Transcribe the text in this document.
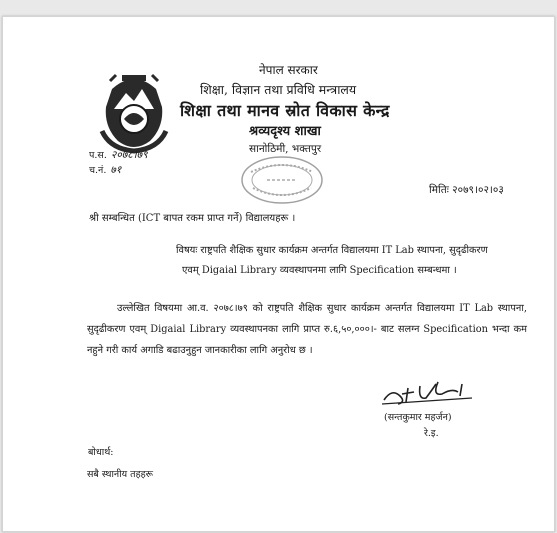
नेपाल सरकार
शिक्षा, विज्ञान तथा प्रविधि मन्त्रालय
शिक्षा तथा मानव स्रोत विकास केन्द्र
श्रव्यदृश्य शाखा
सानोठिमी, भक्तपुर
प.स. २०७८।७९
च.नं. ७१
मितिः २०७९।०२।०३
श्री सम्बन्धित (ICT बापत रकम प्राप्त गर्ने) विद्यालयहरू ।
विषयः राष्ट्रपति शैक्षिक सुधार कार्यक्रम अन्तर्गत विद्यालयमा IT Lab स्थापना, सुदृढीकरण
एवम् Digaial Library व्यवस्थापनमा लागि Specification सम्बन्धमा ।
उल्लेखित विषयमा आ.व. २०७८।७९ को राष्ट्रपति शैक्षिक सुधार कार्यक्रम अन्तर्गत विद्यालयमा IT Lab स्थापना, सुदृढीकरण एवम् Digaial Library व्यवस्थापनका लागि प्राप्त रु.६,५०,०००।- बाट सलग्न Specification भन्दा कम नहुने गरी कार्य अगाडि बढाउनुहुन जानकारीका लागि अनुरोध छ ।
(सन्तकुमार महर्जन)
रे.इ.
बोधार्थ:
सबै स्थानीय तहहरू
